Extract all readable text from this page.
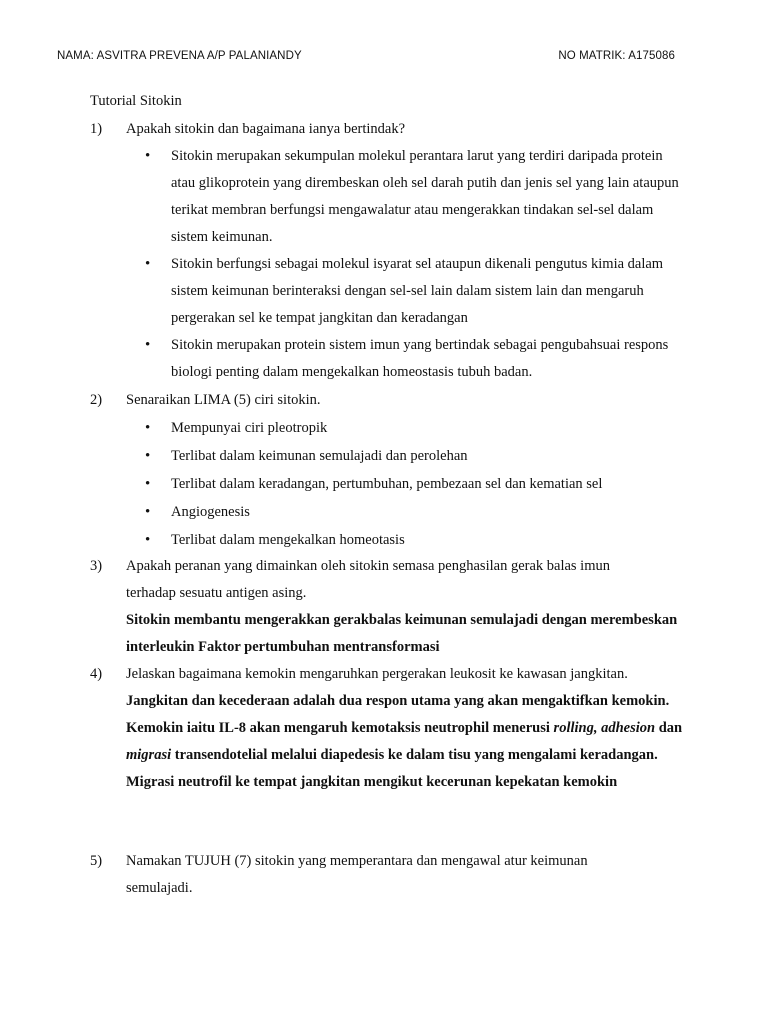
NAMA: ASVITRA PREVENA A/P PALANIANDY	NO MATRIK: A175086
Tutorial Sitokin
1) Apakah sitokin dan bagaimana ianya bertindak?
• Sitokin merupakan sekumpulan molekul perantara larut yang terdiri daripada protein atau glikoprotein yang dirembeskan oleh sel darah putih dan jenis sel yang lain ataupun terikat membran berfungsi mengawalatur atau mengerakkan tindakan sel-sel dalam sistem keimunan.
• Sitokin berfungsi sebagai molekul isyarat sel ataupun dikenali pengutus kimia dalam sistem keimunan berinteraksi dengan sel-sel lain dalam sistem lain dan mengaruh pergerakan sel ke tempat jangkitan dan keradangan
• Sitokin merupakan protein sistem imun yang bertindak sebagai pengubahsuai respons biologi penting dalam mengekalkan homeostasis tubuh badan.
2) Senaraikan LIMA (5) ciri sitokin.
• Mempunyai ciri pleotropik
• Terlibat dalam keimunan semulajadi dan perolehan
• Terlibat dalam keradangan, pertumbuhan, pembezaan sel dan kematian sel
• Angiogenesis
• Terlibat dalam mengekalkan homeotasis
3) Apakah peranan yang dimainkan oleh sitokin semasa penghasilan gerak balas imun terhadap sesuatu antigen asing.
Sitokin membantu mengerakkan gerakbalas keimunan semulajadi dengan merembeskan interleukin Faktor pertumbuhan mentransformasi
4) Jelaskan bagaimana kemokin mengaruhkan pergerakan leukosit ke kawasan jangkitan.
Jangkitan dan kecederaan adalah dua respon utama yang akan mengaktifkan kemokin. Kemokin iaitu IL-8 akan mengaruh kemotaksis neutrophil menerusi rolling, adhesion dan migrasi transendotelial melalui diapedesis ke dalam tisu yang mengalami keradangan. Migrasi neutrofil ke tempat jangkitan mengikut kecerunan kepekatan kemokin
5) Namakan TUJUH (7) sitokin yang memperantara dan mengawal atur keimunan semulajadi.
